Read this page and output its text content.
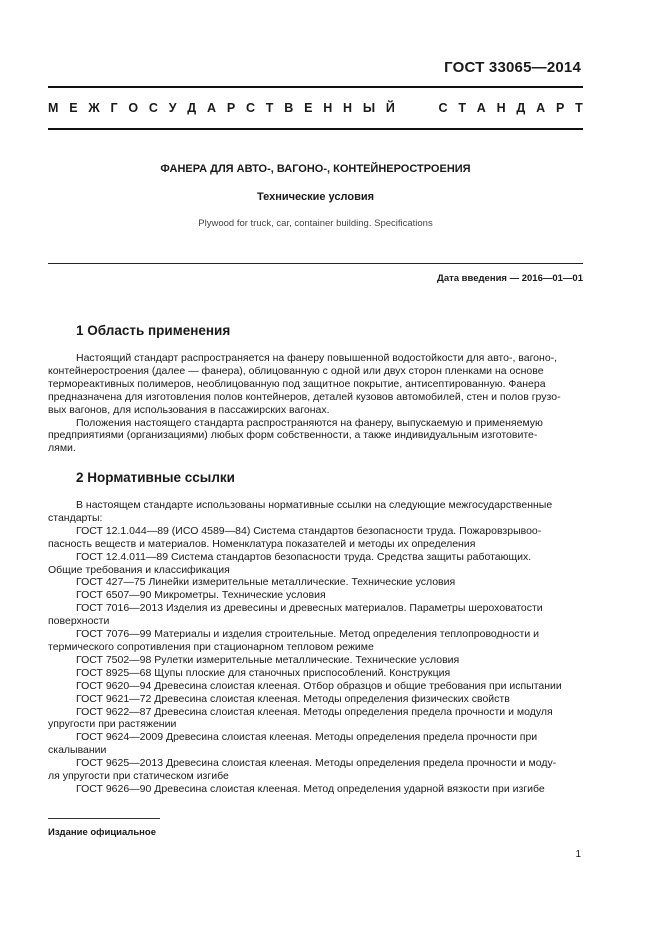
ГОСТ 33065—2014
М Е Ж Г О С У Д А Р С Т В Е Н Н Ы Й	С Т А Н Д А Р Т
ФАНЕРА ДЛЯ АВТО-, ВАГОНО-, КОНТЕЙНЕРОСТРОЕНИЯ
Технические условия
Plywood for truck, car, container building. Specifications
Дата введения — 2016—01—01
1 Область применения
Настоящий стандарт распространяется на фанеру повышенной водостойкости для авто-, вагоно-,
контейнеростроения (далее — фанера), облицованную с одной или двух сторон пленками на основе
термореактивных полимеров, необлицованную под защитное покрытие, антисептированную. Фанера
предназначена для изготовления полов контейнеров, деталей кузовов автомобилей, стен и полов грузо-
вых вагонов, для использования в пассажирских вагонах.
Положения настоящего стандарта распространяются на фанеру, выпускаемую и применяемую
предприятиями (организациями) любых форм собственности, а также индивидуальным изготовите-
лями.
2 Нормативные ссылки
В настоящем стандарте использованы нормативные ссылки на следующие межгосударственные
стандарты:
ГОСТ 12.1.044—89 (ИСО 4589—84) Система стандартов безопасности труда. Пожаровзрывоо-
пасность веществ и материалов. Номенклатура показателей и методы их определения
ГОСТ 12.4.011—89 Система стандартов безопасности труда. Средства защиты работающих.
Общие требования и классификация
ГОСТ 427—75 Линейки измерительные металлические. Технические условия
ГОСТ 6507—90 Микрометры. Технические условия
ГОСТ 7016—2013 Изделия из древесины и древесных материалов. Параметры шероховатости
поверхности
ГОСТ 7076—99 Материалы и изделия строительные. Метод определения теплопроводности и
термического сопротивления при стационарном тепловом режиме
ГОСТ 7502—98 Рулетки измерительные металлические. Технические условия
ГОСТ 8925—68 Щупы плоские для станочных приспособлений. Конструкция
ГОСТ 9620—94 Древесина слоистая клееная. Отбор образцов и общие требования при испытании
ГОСТ 9621—72 Древесина слоистая клееная. Методы определения физических свойств
ГОСТ 9622—87 Древесина слоистая клееная. Методы определения предела прочности и модуля
упругости при растяжении
ГОСТ 9624—2009 Древесина слоистая клееная. Методы определения предела прочности при
скалывании
ГОСТ 9625—2013 Древесина слоистая клееная. Методы определения предела прочности и моду-
ля упругости при статическом изгибе
ГОСТ 9626—90 Древесина слоистая клееная. Метод определения ударной вязкости при изгибе
Издание официальное
1
